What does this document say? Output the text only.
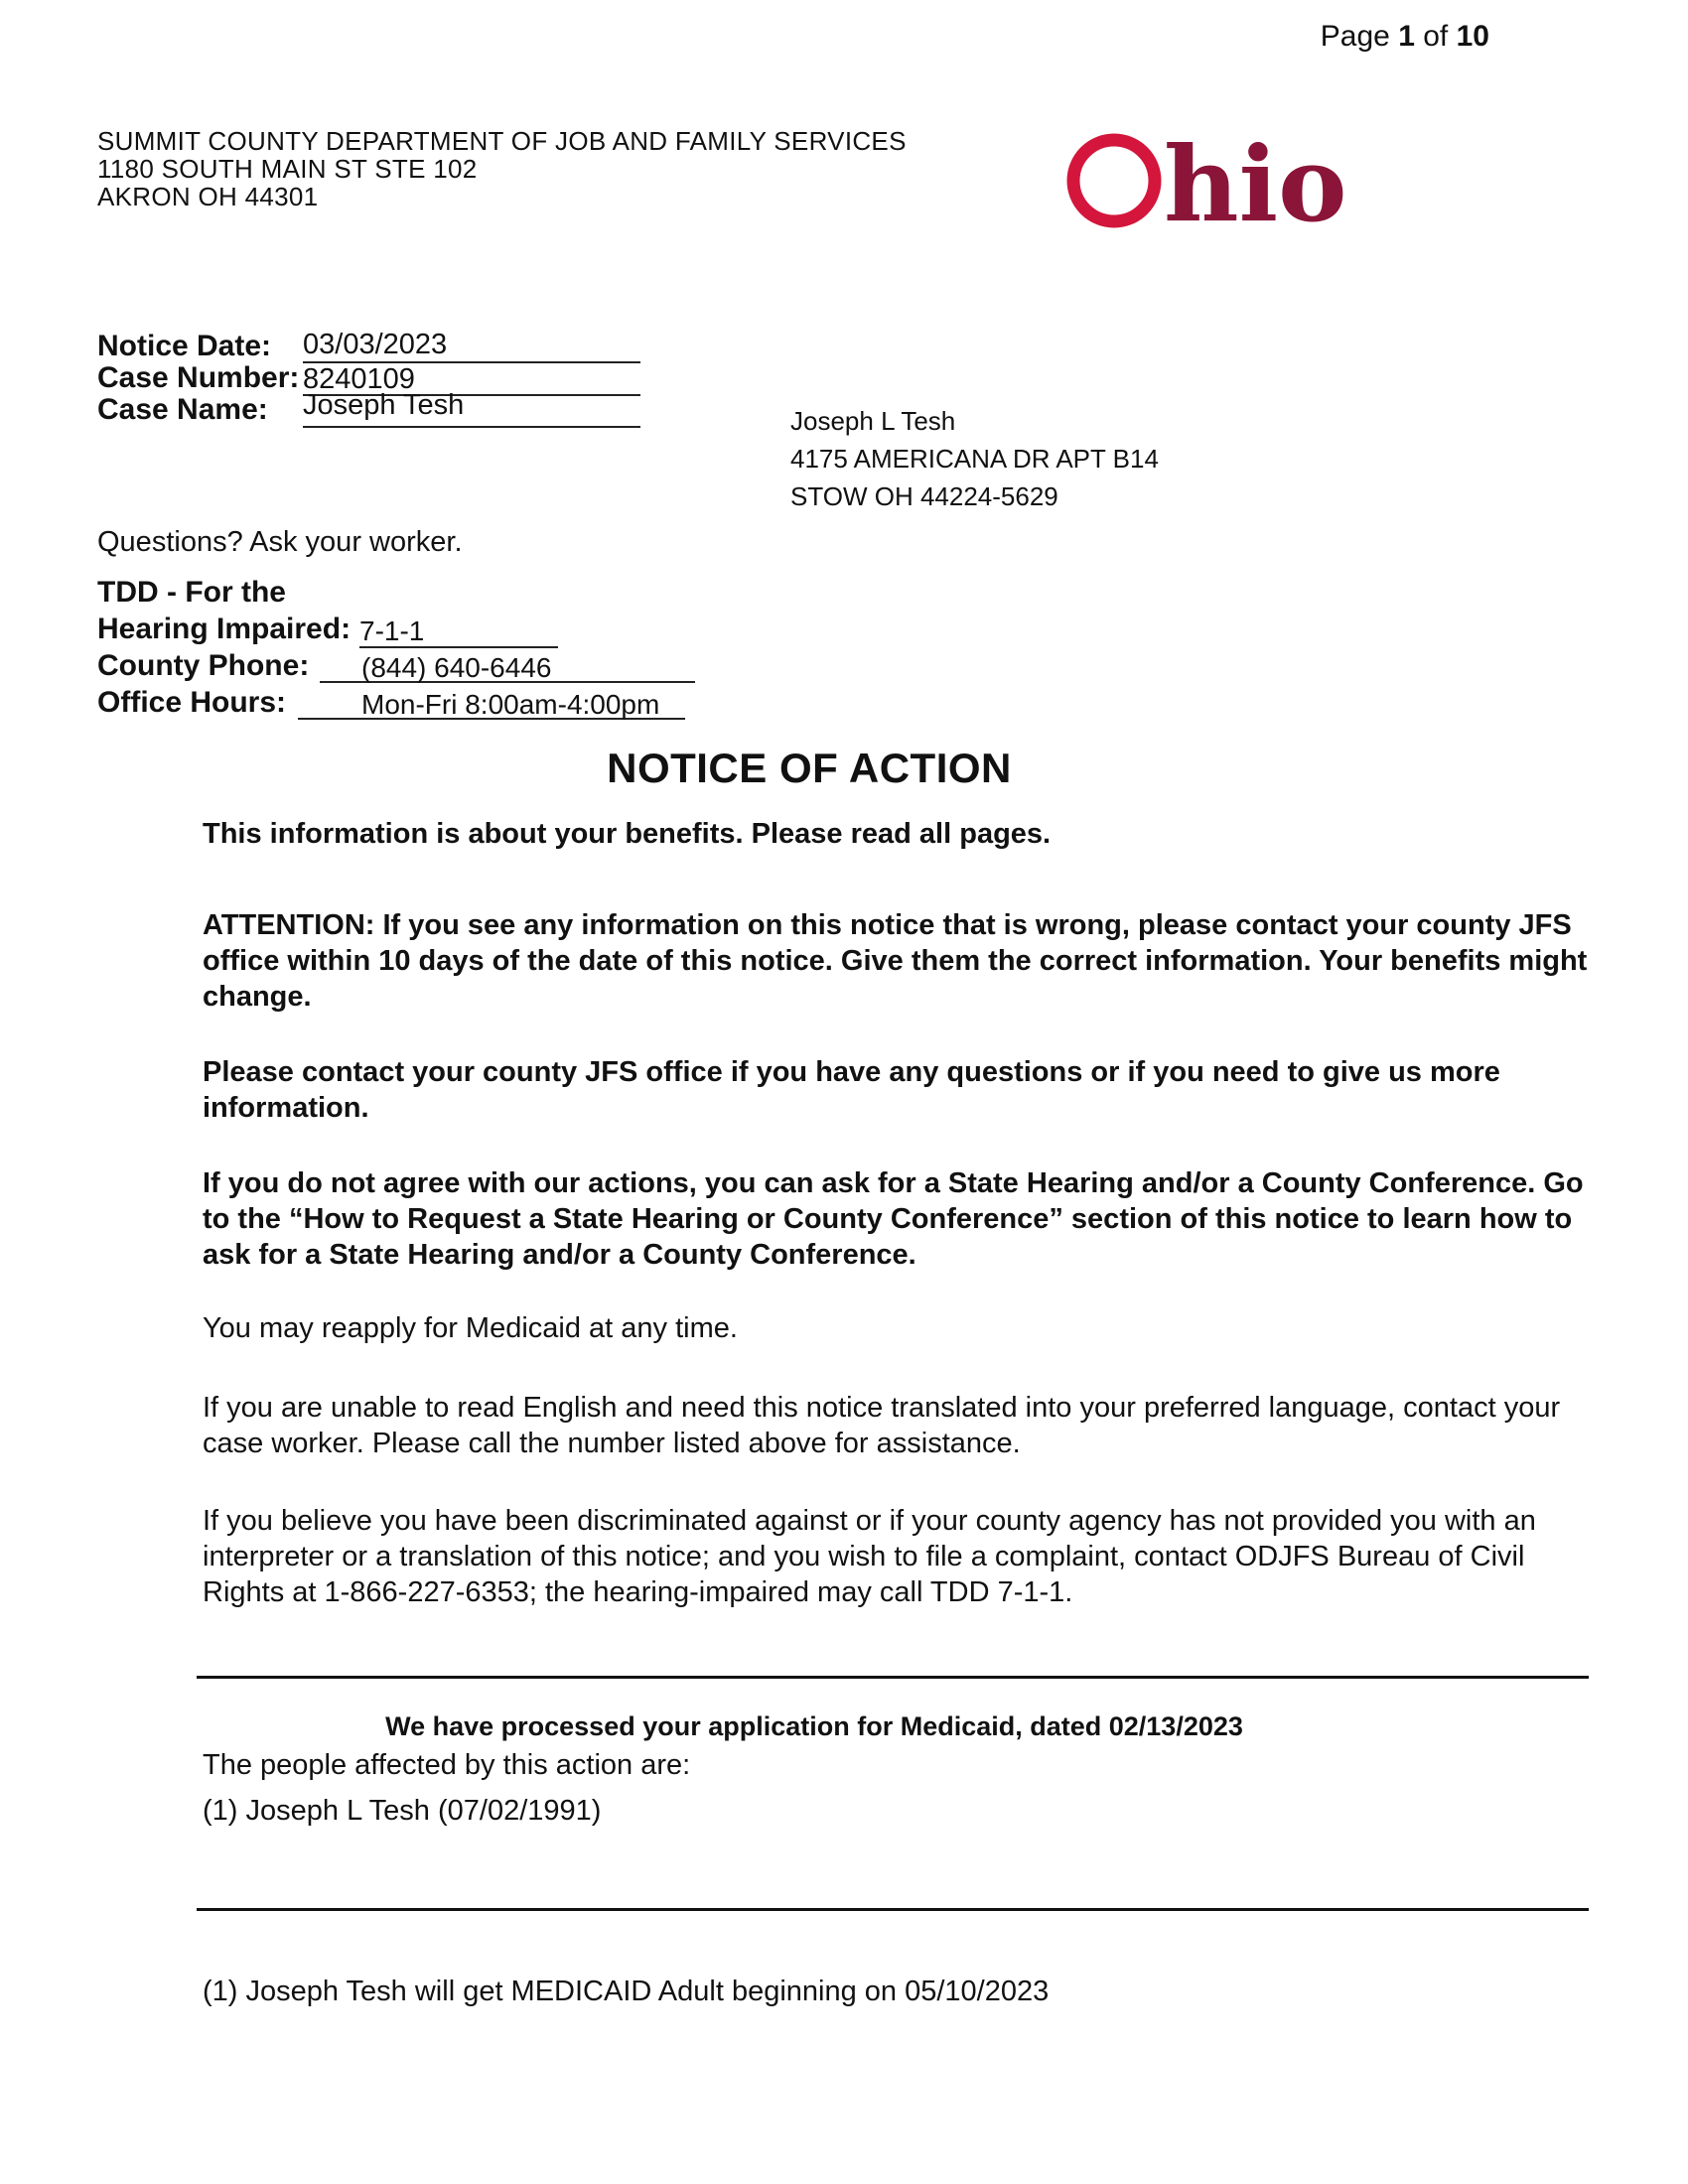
Page 1 of 10
SUMMIT COUNTY DEPARTMENT OF JOB AND FAMILY SERVICES
1180 SOUTH MAIN ST STE 102
AKRON OH 44301	hio
Notice Date: 03/03/2023
Case Number: 8240109
Case Name: Joseph Tesh	Joseph L Tesh
4175 AMERICANA DR APT B14
STOW OH 44224-5629
Questions? Ask your worker.
TDD - For the
Hearing Impaired: 7-1-1
County Phone:	(844) 640-6446
Office Hours:	Mon-Fri 8:00am-4:00pm
NOTICE OF ACTION
This information is about your benefits. Please read all pages.
ATTENTION: If you see any information on this notice that is wrong, please contact your county JFS office within 10 days of the date of this notice. Give them the correct information. Your benefits might change.
Please contact your county JFS office if you have any questions or if you need to give us more information.
If you do not agree with our actions, you can ask for a State Hearing and/or a County Conference. Go to the “How to Request a State Hearing or County Conference” section of this notice to learn how to ask for a State Hearing and/or a County Conference.
You may reapply for Medicaid at any time.
If you are unable to read English and need this notice translated into your preferred language, contact your case worker. Please call the number listed above for assistance.
If you believe you have been discriminated against or if your county agency has not provided you with an interpreter or a translation of this notice; and you wish to file a complaint, contact ODJFS Bureau of Civil Rights at 1-866-227-6353; the hearing-impaired may call TDD 7-1-1.
We have processed your application for Medicaid, dated 02/13/2023
The people affected by this action are:
(1) Joseph L Tesh (07/02/1991)
(1) Joseph Tesh will get MEDICAID Adult beginning on 05/10/2023
